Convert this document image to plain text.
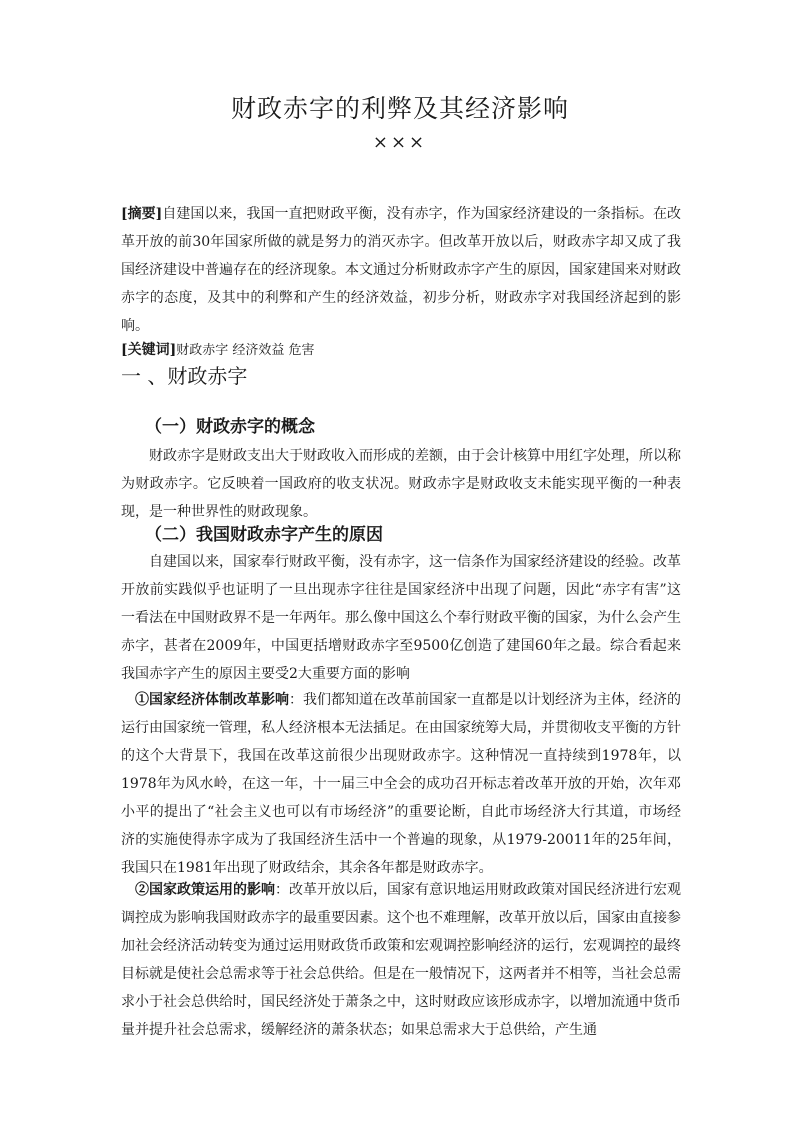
财政赤字的利弊及其经济影响
×××

[摘要]自建国以来，我国一直把财政平衡，没有赤字，作为国家经济建设的一条指标。在改革开放的前30年国家所做的就是努力的消灭赤字。但改革开放以后，财政赤字却又成了我国经济建设中普遍存在的经济现象。本文通过分析财政赤字产生的原因，国家建国来对财政赤字的态度，及其中的利弊和产生的经济效益，初步分析，财政赤字对我国经济起到的影响。

[关键词]财政赤字 经济效益 危害
一 、财政赤字
（一）财政赤字的概念

财政赤字是财政支出大于财政收入而形成的差额，由于会计核算中用红字处理，所以称为财政赤字。它反映着一国政府的收支状况。财政赤字是财政收支未能实现平衡的一种表现，是一种世界性的财政现象。

（二）我国财政赤字产生的原因

自建国以来，国家奉行财政平衡，没有赤字，这一信条作为国家经济建设的经验。改革开放前实践似乎也证明了一旦出现赤字往往是国家经济中出现了问题，因此“赤字有害”这一看法在中国财政界不是一年两年。那么像中国这么个奉行财政平衡的国家，为什么会产生赤字，甚者在2009年，中国更括增财政赤字至9500亿创造了建国60年之最。综合看起来我国赤字产生的原因主要受2大重要方面的影响

①国家经济体制改革影响：我们都知道在改革前国家一直都是以计划经济为主体，经济的运行由国家统一管理，私人经济根本无法插足。在由国家统筹大局，并贯彻收支平衡的方针的这个大背景下，我国在改革这前很少出现财政赤字。这种情况一直持续到1978年，以1978年为风水岭，在这一年，十一届三中全会的成功召开标志着改革开放的开始，次年邓小平的提出了“社会主义也可以有市场经济”的重要论断，自此市场经济大行其道，市场经济的实施使得赤字成为了我国经济生活中一个普遍的现象，从1979-20011年的25年间，我国只在1981年出现了财政结余，其余各年都是财政赤字。

②国家政策运用的影响：改革开放以后，国家有意识地运用财政政策对国民经济进行宏观调控成为影响我国财政赤字的最重要因素。这个也不难理解，改革开放以后，国家由直接参加社会经济活动转变为通过运用财政货币政策和宏观调控影响经济的运行，宏观调控的最终目标就是使社会总需求等于社会总供给。但是在一般情况下，这两者并不相等，当社会总需求小于社会总供给时，国民经济处于萧条之中，这时财政应该形成赤字，以增加流通中货币量并提升社会总需求，缓解经济的萧条状态；如果总需求大于总供给，产生通
